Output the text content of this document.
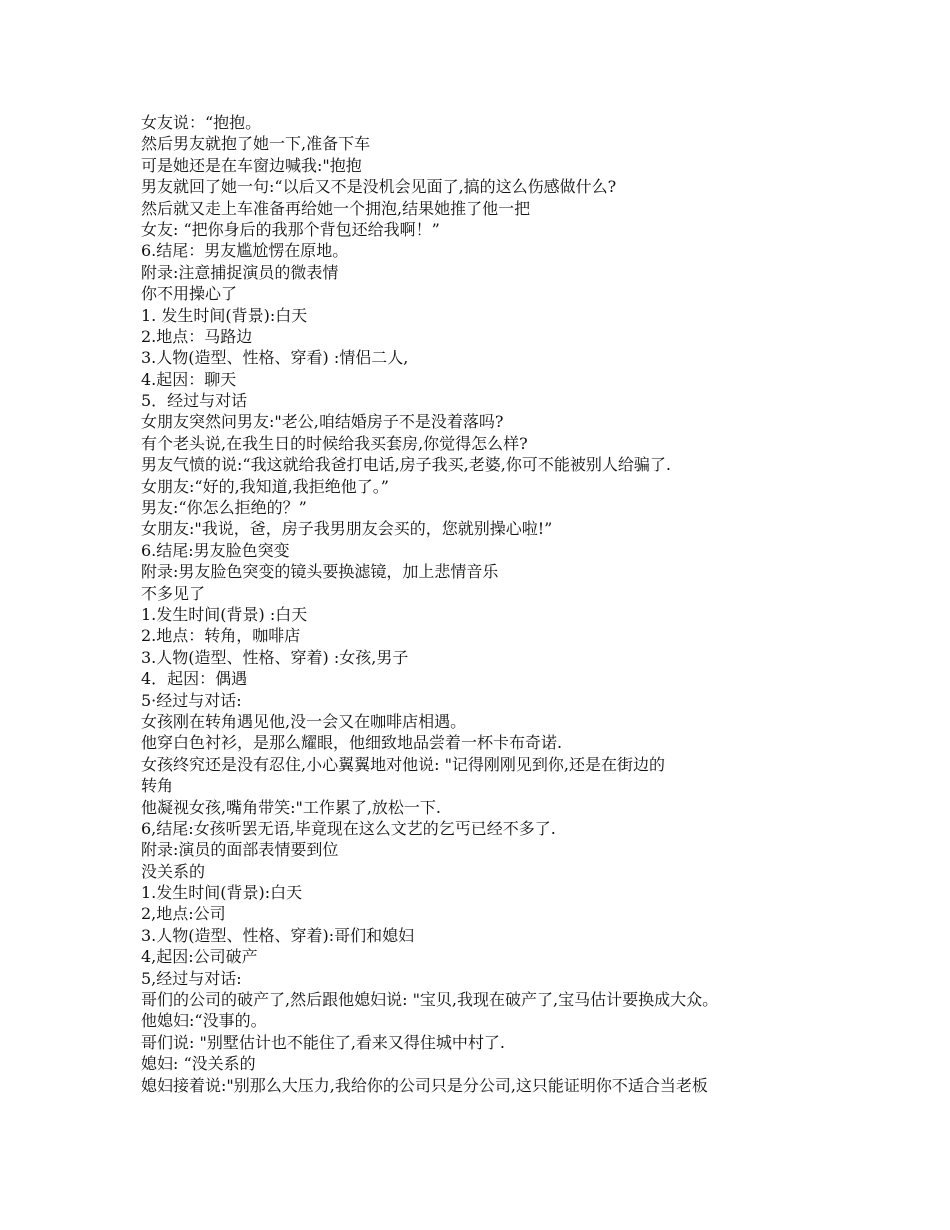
女友说：“抱抱。
然后男友就抱了她一下,准备下车
可是她还是在车窗边喊我:"抱抱
男友就回了她一句:“以后又不是没机会见面了,搞的这么伤感做什么?
然后就又走上车准备再给她一个拥泡,结果她推了他一把
女友: “把你身后的我那个背包还给我啊！”
6.结尾：男友尴尬愣在原地。
附录:注意捕捉演员的微表情
你不用操心了
1. 发生时间(背景):白天
2.地点：马路边
3.人物(造型、性格、穿看) :情侣二人,
4.起因：聊天
5．经过与对话
女朋友突然问男友:"老公,咱结婚房子不是没着落吗?
有个老头说,在我生日的时候给我买套房,你觉得怎么样?
男友气愤的说:“我这就给我爸打电话,房子我买,老婆,你可不能被别人给骗了.
女朋友:“好的,我知道,我拒绝他了。”
男友:“你怎么拒绝的？”
女朋友:"我说，爸，房子我男朋友会买的，您就别操心啦!”
6.结尾:男友脸色突变
附录:男友脸色突变的镜头要换滤镜，加上悲情音乐
不多见了
1.发生时间(背景) :白天
2.地点：转角，咖啡店
3.人物(造型、性格、穿着) :女孩,男子
4．起因：偶遇
5·经过与对话:
女孩刚在转角遇见他,没一会又在咖啡店相遇。
他穿白色衬衫，是那么耀眼，他细致地品尝着一杯卡布奇诺.
女孩终究还是没有忍住,小心翼翼地对他说: "记得刚刚见到你,还是在街边的
转角
他凝视女孩,嘴角带笑:"工作累了,放松一下.
6,结尾:女孩听罢无语,毕竟现在这么文艺的乞丐已经不多了.
附录:演员的面部表情要到位
没关系的
1.发生时间(背景):白天
2,地点:公司
3.人物(造型、性格、穿着):哥们和媳妇
4,起因:公司破产
5,经过与对话:
哥们的公司的破产了,然后跟他媳妇说: "宝贝,我现在破产了,宝马估计要换成大众。
他媳妇:“没事的。
哥们说: "别墅估计也不能住了,看来又得住城中村了.
媳妇: “没关系的
媳妇接着说:"别那么大压力,我给你的公司只是分公司,这只能证明你不适合当老板
